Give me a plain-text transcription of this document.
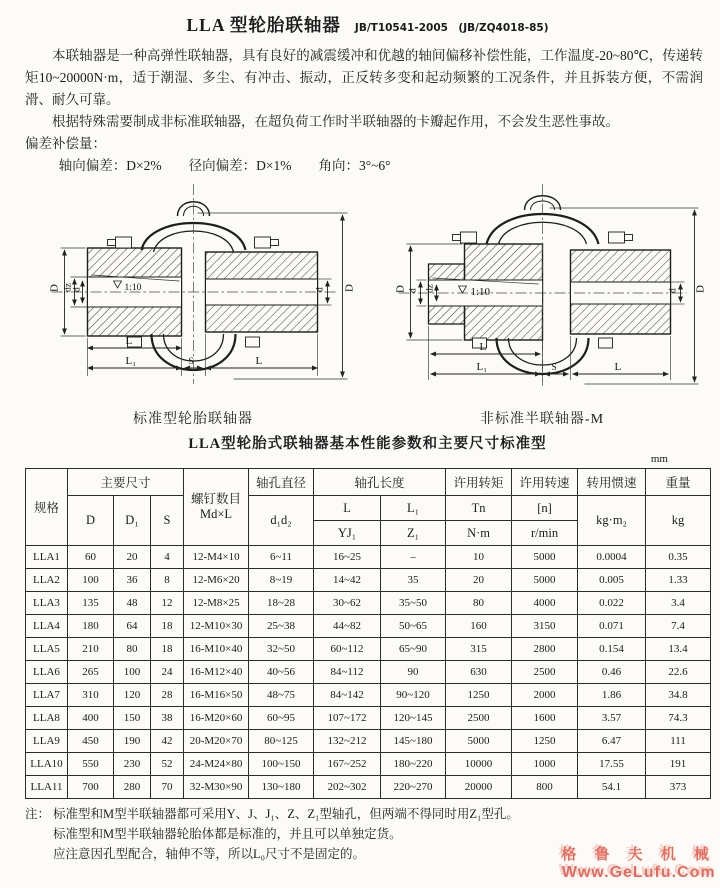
LLA 型轮胎联轴器 JB/T10541-2005　(JB/ZQ4018-85)

本联轴器是一种高弹性联轴器，具有良好的减震缓冲和优越的轴间偏移补偿性能，工作温度-20~80℃，传递转矩10~20000N·m，适于潮湿、多尘、有冲击、振动，正反转多变和起动频繁的工况条件，并且拆装方便，不需润滑、耐久可靠。

根据特殊需要制成非标准联轴器，在超负荷工作时半联轴器的卡瓣起作用，不会发生恶性事故。

偏差补偿量：

轴向偏差：D×2%　　径向偏差：D×1%　　角向：3°~6°

1:10
D dz d	d D
L
L₁	S	L
标准型轮胎联轴器
1:10
D d dz	d D
L
L₁	S	L
非标准半联轴器-M
LLA型轮胎式联轴器基本性能参数和主要尺寸标准型
mm
规格	主要尺寸			螺钉数目
Md×L	轴孔直径	轴孔长度		许用转矩	许用转速	转用惯速	重量
	D	D₁	S		d₁d₂	L	L₁	Tn	[n]	kg·m₂	kg
						YJ₁	Z₁	N·m	r/min		
LLA1	60	20	4	12-M4×10	6~11	16~25	–	10	5000	0.0004	0.35
LLA2	100	36	8	12-M6×20	8~19	14~42	35	20	5000	0.005	1.33
LLA3	135	48	12	12-M8×25	18~28	30~62	35~50	80	4000	0.022	3.4
LLA4	180	64	18	12-M10×30	25~38	44~82	50~65	160	3150	0.071	7.4
LLA5	210	80	18	16-M10×40	32~50	60~112	65~90	315	2800	0.154	13.4
LLA6	265	100	24	16-M12×40	40~56	84~112	90	630	2500	0.46	22.6
LLA7	310	120	28	16-M16×50	48~75	84~142	90~120	1250	2000	1.86	34.8
LLA8	400	150	38	16-M20×60	60~95	107~172	120~145	2500	1600	3.57	74.3
LLA9	450	190	42	20-M20×70	80~125	132~212	145~180	5000	1250	6.47	111
LLA10	550	230	52	24-M24×80	100~150	167~252	180~220	10000	1000	17.55	191
LLA11	700	280	70	32-M30×90	130~180	202~302	220~270	20000	800	54.1	373
注： 标准型和M型半联轴器都可采用Y、J、J₁、Z、Z₁型轴孔，但两端不得同时用Z₁型孔。
标准型和M型半联轴器轮胎体都是标准的，并且可以单独定货。
应注意因孔型配合，轴伸不等，所以L₀尺寸不是固定的。	格 鲁 夫 机 械
Www.GeLufu.Com
